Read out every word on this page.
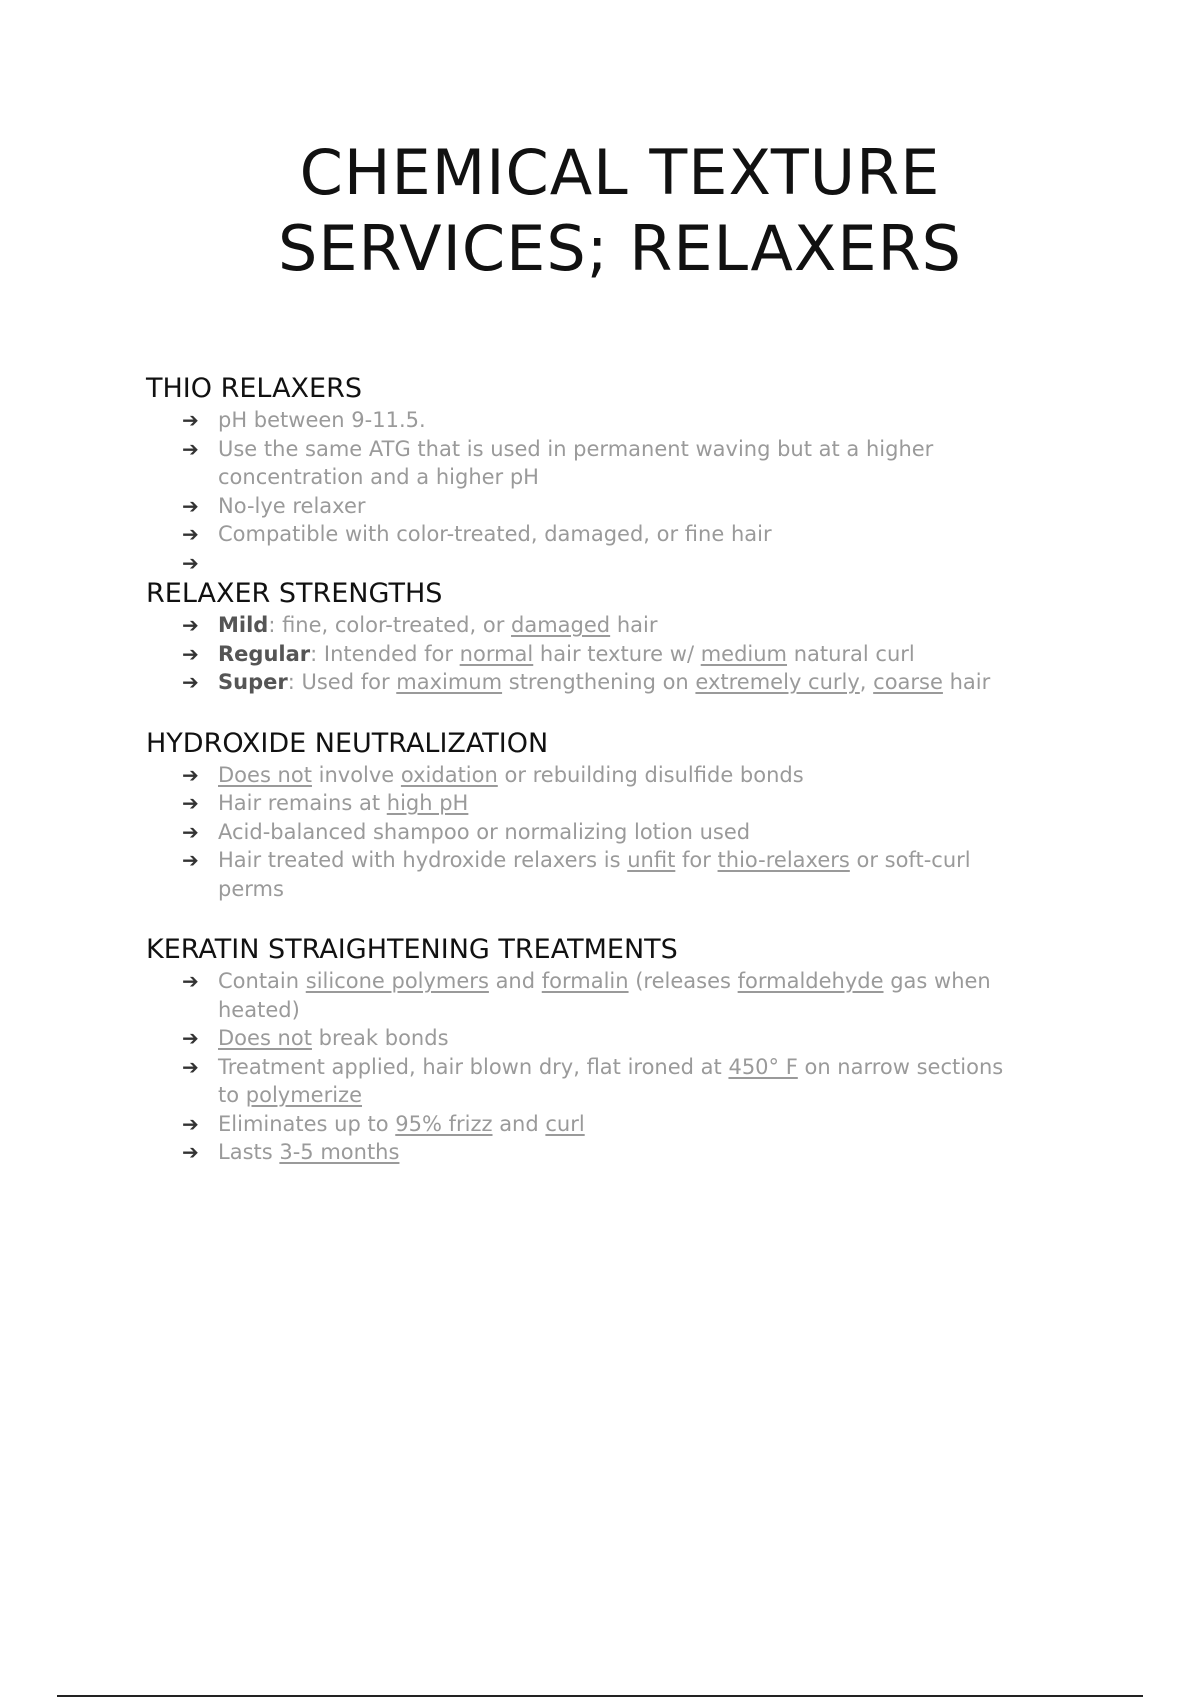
CHEMICAL TEXTURE
SERVICES; RELAXERS
THIO RELAXERS
➔ pH between 9-11.5.
➔ Use the same ATG that is used in permanent waving but at a higher
concentration and a higher pH
➔ No-lye relaxer
➔ Compatible with color-treated, damaged, or fine hair
➔

RELAXER STRENGTHS
➔ Mild: fine, color-treated, or damaged hair
➔ Regular: Intended for normal hair texture w/ medium natural curl
➔ Super: Used for maximum strengthening on extremely curly, coarse hair
HYDROXIDE NEUTRALIZATION
➔ Does not involve oxidation or rebuilding disulfide bonds
➔ Hair remains at high pH
➔ Acid-balanced shampoo or normalizing lotion used
➔ Hair treated with hydroxide relaxers is unfit for thio-relaxers or soft-curl
perms
KERATIN STRAIGHTENING TREATMENTS
➔ Contain silicone polymers and formalin (releases formaldehyde gas when
heated)
➔ Does not break bonds
➔ Treatment applied, hair blown dry, flat ironed at 450° F on narrow sections
to polymerize
➔ Eliminates up to 95% frizz and curl
➔ Lasts 3-5 months
